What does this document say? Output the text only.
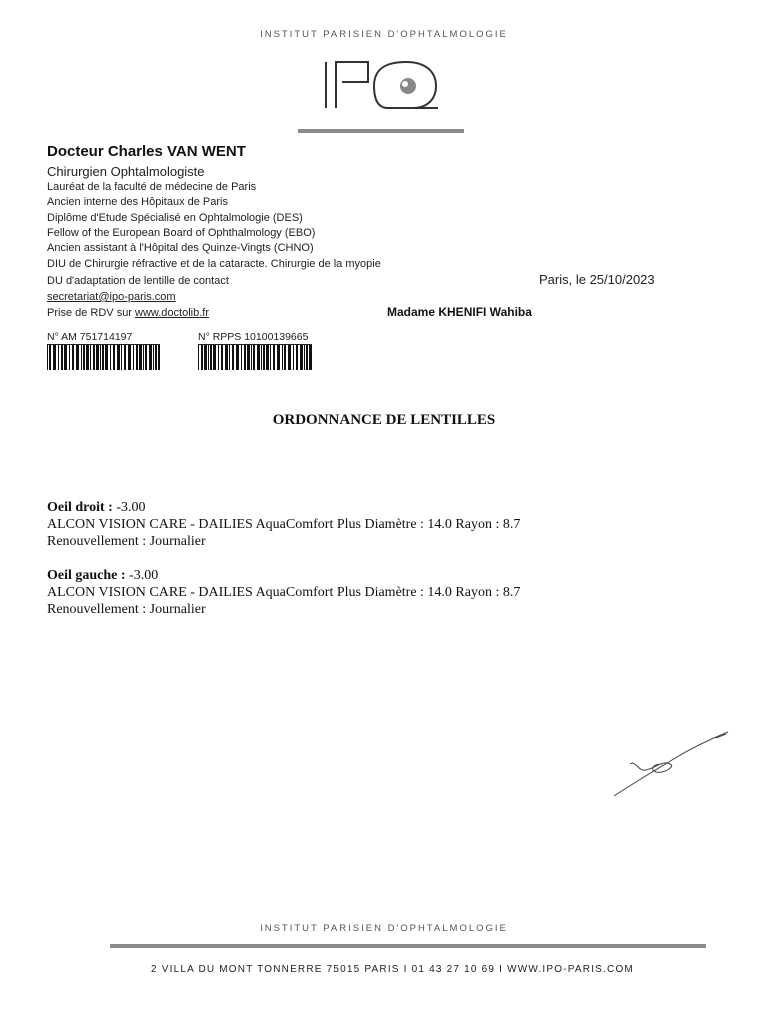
INSTITUT PARISIEN D'OPHTALMOLOGIE
Docteur Charles VAN WENT
Chirurgien Ophtalmologiste
Lauréat de la faculté de médecine de Paris
Ancien interne des Hôpitaux de Paris
Diplôme d'Etude Spécialisé en Ophtalmologie (DES)
Fellow of the European Board of Ophthalmology (EBO)
Ancien assistant à l'Hôpital des Quinze-Vingts (CHNO)
DIU de Chirurgie réfractive et de la cataracte. Chirurgie de la myopie
DU d'adaptation de lentille de contact
secretariat@ipo-paris.com
Prise de RDV sur www.doctolib.fr
Paris, le 25/10/2023
Madame KHENIFI Wahiba
N° AM 751714197	N° RPPS 10100139665
ORDONNANCE DE LENTILLES
Oeil droit : -3.00
ALCON VISION CARE - DAILIES AquaComfort Plus Diamètre : 14.0 Rayon : 8.7
Renouvellement : Journalier
Oeil gauche : -3.00
ALCON VISION CARE - DAILIES AquaComfort Plus Diamètre : 14.0 Rayon : 8.7
Renouvellement : Journalier
INSTITUT PARISIEN D'OPHTALMOLOGIE
2 VILLA DU MONT TONNERRE 75015 PARIS I 01 43 27 10 69 I WWW.IPO-PARIS.COM
